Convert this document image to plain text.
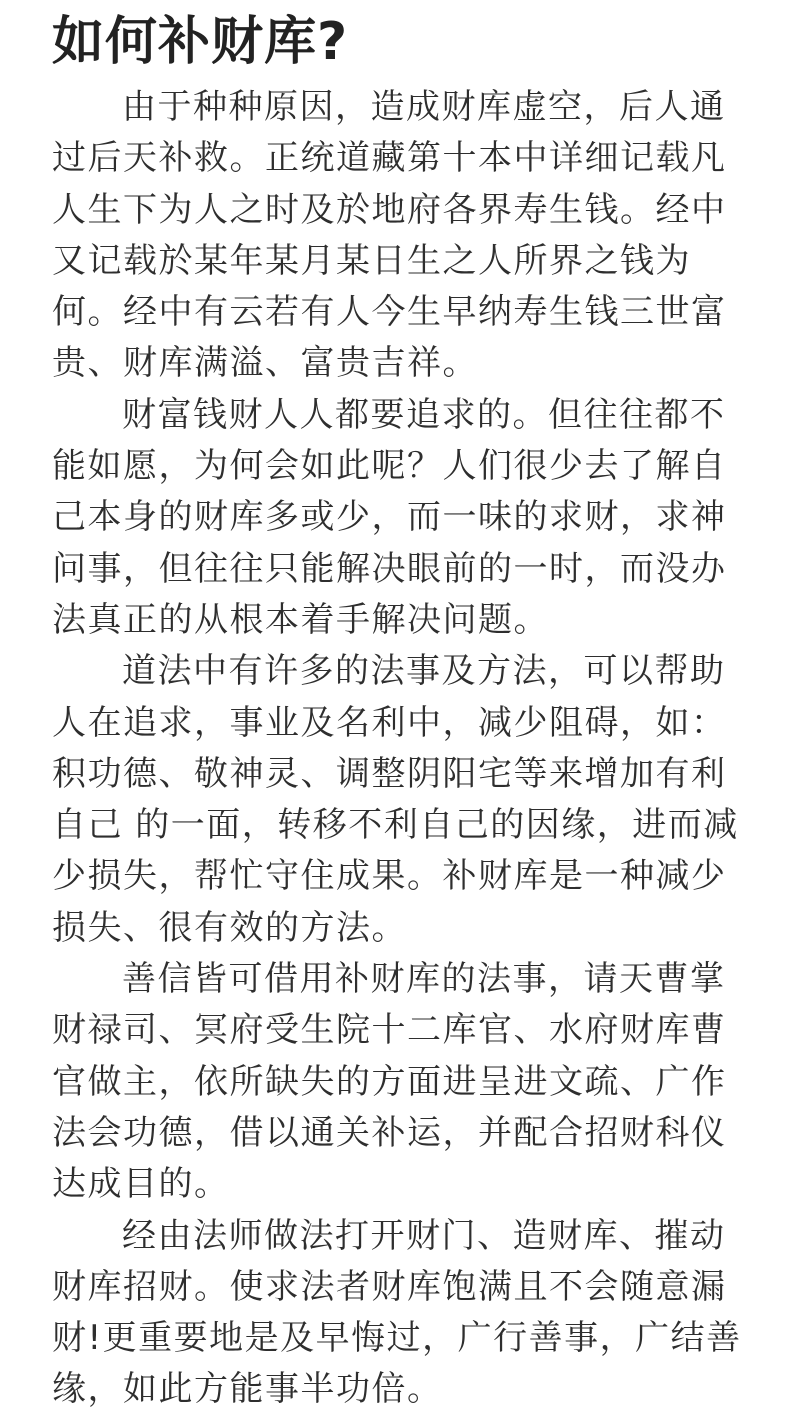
如何补财库?
由于种种原因，造成财库虚空，后人通
过后天补救。正统道藏第十本中详细记载凡
人生下为人之时及於地府各界寿生钱。经中
又记载於某年某月某日生之人所界之钱为
何。经中有云若有人今生早纳寿生钱三世富
贵、财库满溢、富贵吉祥。
财富钱财人人都要追求的。但往往都不
能如愿，为何会如此呢？人们很少去了解自
己本身的财库多或少，而一味的求财，求神
问事，但往往只能解决眼前的一时，而没办
法真正的从根本着手解决问题。
道法中有许多的法事及方法，可以帮助
人在追求，事业及名利中，减少阻碍，如：
积功德、敬神灵、调整阴阳宅等来增加有利
自己 的一面，转移不利自己的因缘，进而减
少损失，帮忙守住成果。补财库是一种减少
损失、很有效的方法。
善信皆可借用补财库的法事，请天曹掌
财禄司、冥府受生院十二库官、水府财库曹
官做主，依所缺失的方面进呈进文疏、广作
法会功德，借以通关补运，并配合招财科仪
达成目的。
经由法师做法打开财门、造财库、摧动
财库招财。使求法者财库饱满且不会随意漏
财!更重要地是及早悔过，广行善事，广结善
缘，如此方能事半功倍。
